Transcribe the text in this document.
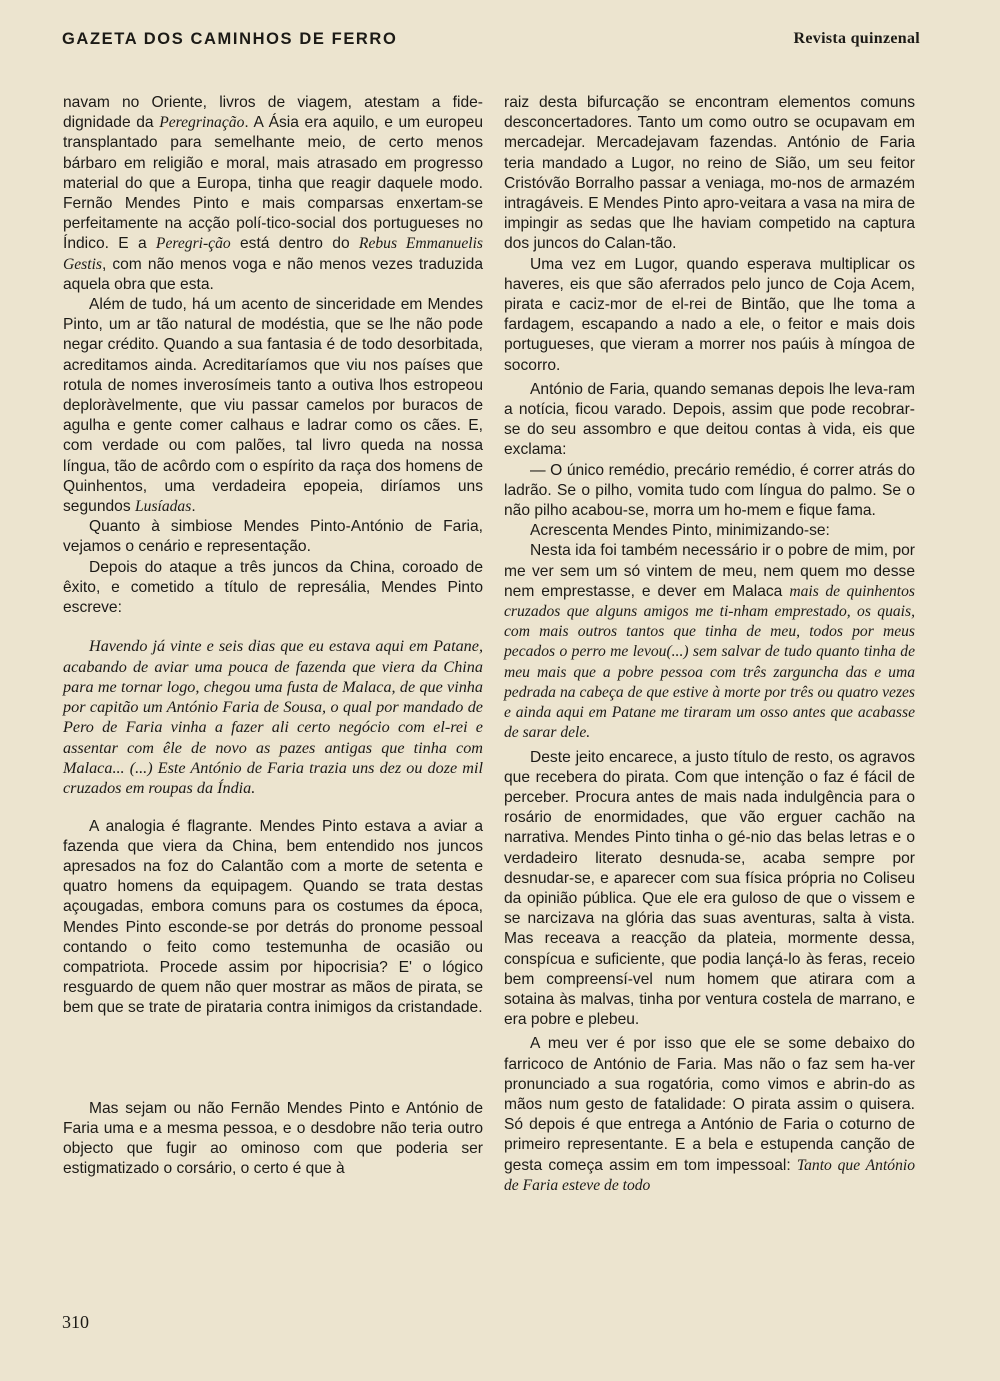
GAZETA DOS CAMINHOS DE FERRO	Revista quinzenal

navam no Oriente, livros de viagem, atestam a fide-dignidade da Peregrinação. A Ásia era aquilo, e um europeu transplantado para semelhante meio, de certo menos bárbaro em religião e moral, mais atrasado em progresso material do que a Europa, tinha que reagir daquele modo. Fernão Mendes Pinto e mais comparsas enxertam-se perfeitamente na acção polí-tico-social dos portugueses no Índico. E a Peregri-ção está dentro do Rebus Emmanuelis Gestis, com não menos voga e não menos vezes traduzida aquela obra que esta.

Além de tudo, há um acento de sinceridade em Mendes Pinto, um ar tão natural de modéstia, que se lhe não pode negar crédito. Quando a sua fantasia é de todo desorbitada, acreditamos ainda. Acreditaríamos que viu nos países que rotula de nomes inverosímeis tanto a outiva lhos estropeou deploràvelmente, que viu passar camelos por buracos de agulha e gente comer calhaus e ladrar como os cães. E, com verdade ou com palões, tal livro queda na nossa língua, tão de acôrdo com o espírito da raça dos homens de Quinhentos, uma verdadeira epopeia, diríamos uns segundos Lusíadas.

Quanto à simbiose Mendes Pinto-António de Faria, vejamos o cenário e representação.

Depois do ataque a três juncos da China, coroado de êxito, e cometido a título de represália, Mendes Pinto escreve:

Havendo já vinte e seis dias que eu estava aqui em Patane, acabando de aviar uma pouca de fazenda que viera da China para me tornar logo, chegou uma fusta de Malaca, de que vinha por capitão um António Faria de Sousa, o qual por mandado de Pero de Faria vinha a fazer ali certo negócio com el-rei e assentar com êle de novo as pazes antigas que tinha com Malaca... (...) Este António de Faria trazia uns dez ou doze mil cruzados em roupas da Índia.

A analogia é flagrante. Mendes Pinto estava a aviar a fazenda que viera da China, bem entendido nos juncos apresados na foz do Calantão com a morte de setenta e quatro homens da equipagem. Quando se trata destas açougadas, embora comuns para os costumes da época, Mendes Pinto esconde-se por detrás do pronome pessoal contando o feito como testemunha de ocasião ou compatriota. Procede assim por hipocrisia? E' o lógico resguardo de quem não quer mostrar as mãos de pirata, se bem que se trate de pirataria contra inimigos da cristandade.

Mas sejam ou não Fernão Mendes Pinto e António de Faria uma e a mesma pessoa, e o desdobre não teria outro objecto que fugir ao ominoso com que poderia ser estigmatizado o corsário, o certo é que à

raiz desta bifurcação se encontram elementos comuns desconcertadores. Tanto um como outro se ocupavam em mercadejar. Mercadejavam fazendas. António de Faria teria mandado a Lugor, no reino de Sião, um seu feitor Cristóvão Borralho passar a veniaga, mo-nos de armazém intragáveis. E Mendes Pinto apro-veitara a vasa na mira de impingir as sedas que lhe haviam competido na captura dos juncos do Calan-tão.

Uma vez em Lugor, quando esperava multiplicar os haveres, eis que são aferrados pelo junco de Coja Acem, pirata e caciz-mor de el-rei de Bintão, que lhe toma a fardagem, escapando a nado a ele, o feitor e mais dois portugueses, que vieram a morrer nos paúis à míngoa de socorro.

António de Faria, quando semanas depois lhe leva-ram a notícia, ficou varado. Depois, assim que pode recobrar-se do seu assombro e que deitou contas à vida, eis que exclama:

— O único remédio, precário remédio, é correr atrás do ladrão. Se o pilho, vomita tudo com língua do palmo. Se o não pilho acabou-se, morra um ho-mem e fique fama.

Acrescenta Mendes Pinto, minimizando-se:

Nesta ida foi também necessário ir o pobre de mim, por me ver sem um só vintem de meu, nem quem mo desse nem emprestasse, e dever em Malaca mais de quinhentos cruzados que alguns amigos me ti-nham emprestado, os quais, com mais outros tantos que tinha de meu, todos por meus pecados o perro me levou(...) sem salvar de tudo quanto tinha de meu mais que a pobre pessoa com três zarguncha das e uma pedrada na cabeça de que estive à morte por três ou quatro vezes e ainda aqui em Patane me tiraram um osso antes que acabasse de sarar dele.

Deste jeito encarece, a justo título de resto, os agravos que recebera do pirata. Com que intenção o faz é fácil de perceber. Procura antes de mais nada indulgência para o rosário de enormidades, que vão erguer cachão na narrativa. Mendes Pinto tinha o gé-nio das belas letras e o verdadeiro literato desnuda-se, acaba sempre por desnudar-se, e aparecer com sua física própria no Coliseu da opinião pública. Que ele era guloso de que o vissem e se narcizava na glória das suas aventuras, salta à vista. Mas receava a reacção da plateia, mormente dessa, conspícua e suficiente, que podia lançá-lo às feras, receio bem compreensí-vel num homem que atirara com a sotaina às malvas, tinha por ventura costela de marrano, e era pobre e plebeu.

A meu ver é por isso que ele se some debaixo do farricoco de António de Faria. Mas não o faz sem ha-ver pronunciado a sua rogatória, como vimos e abrin-do as mãos num gesto de fatalidade: O pirata assim o quisera. Só depois é que entrega a António de Faria o coturno de primeiro representante. E a bela e estupenda canção de gesta começa assim em tom impessoal: Tanto que António de Faria esteve de todo

310
